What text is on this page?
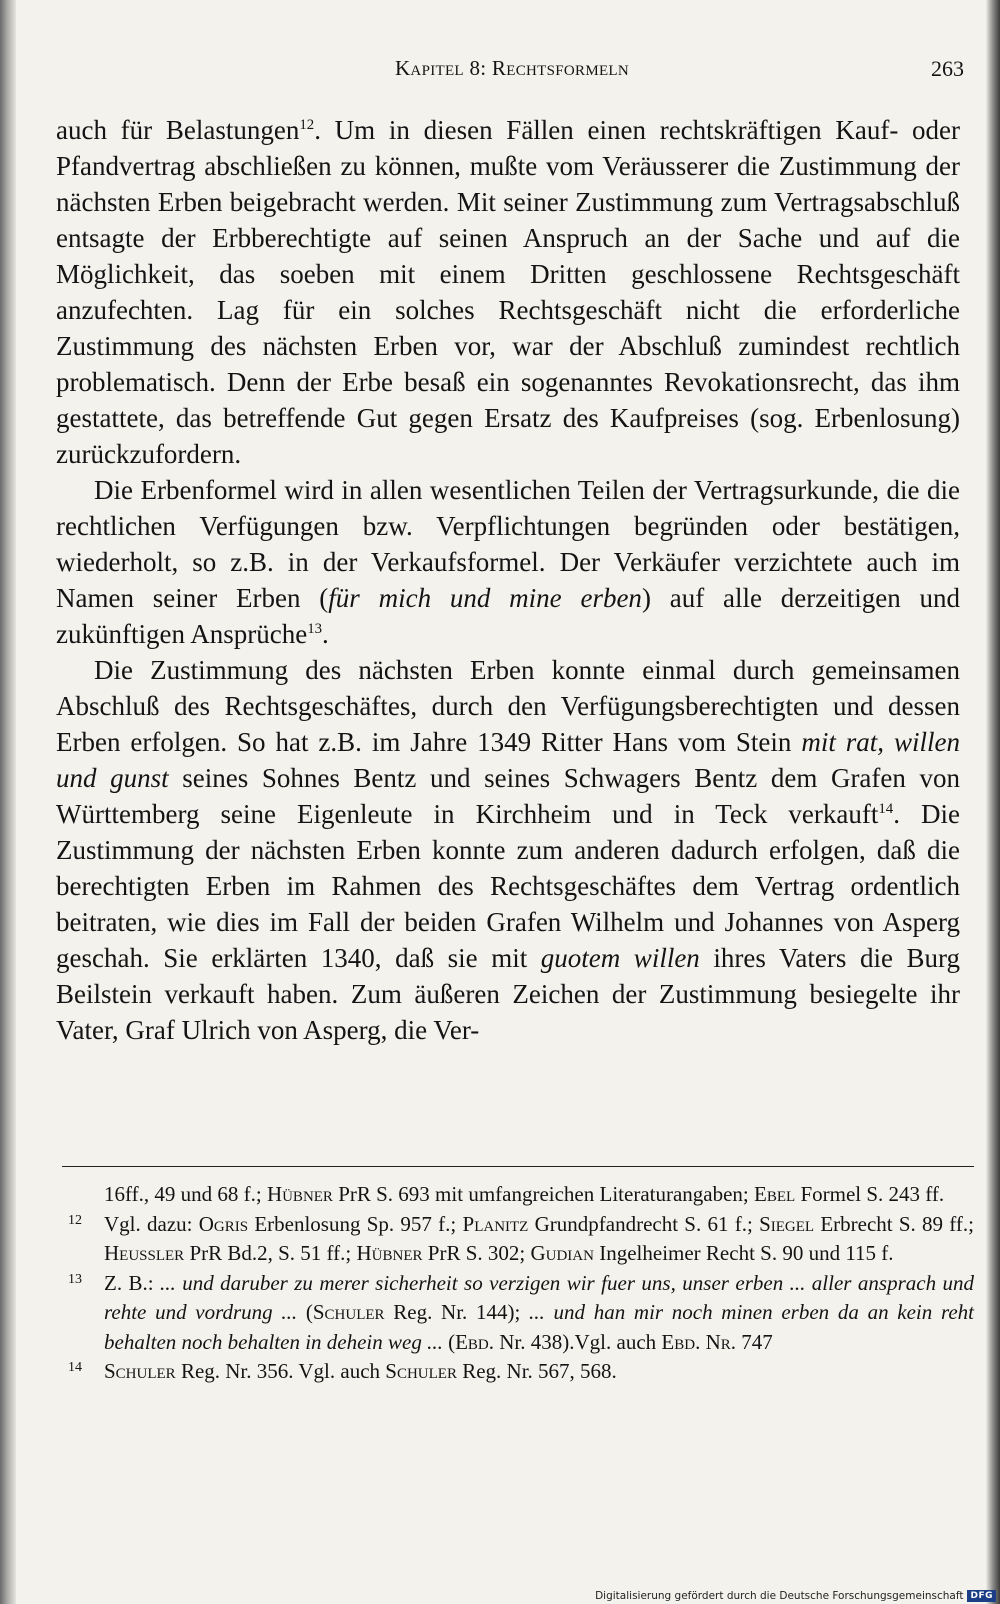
Kapitel 8: Rechtsformeln	263

auch für Belastungen$^{12}$. Um in diesen Fällen einen rechtskräftigen Kauf- oder Pfandvertrag abschließen zu können, mußte vom Veräusserer die Zustimmung der nächsten Erben beigebracht werden. Mit seiner Zustimmung zum Vertragsabschluß entsagte der Erbberechtigte auf seinen Anspruch an der Sache und auf die Möglichkeit, das soeben mit einem Dritten geschlossene Rechtsgeschäft anzufechten. Lag für ein solches Rechtsgeschäft nicht die erforderliche Zustimmung des nächsten Erben vor, war der Abschluß zumindest rechtlich problematisch. Denn der Erbe besaß ein sogenanntes Revokationsrecht, das ihm gestattete, das betreffende Gut gegen Ersatz des Kaufpreises (sog. Erbenlosung) zurückzufordern.

Die Erbenformel wird in allen wesentlichen Teilen der Vertragsurkunde, die die rechtlichen Verfügungen bzw. Verpflichtungen begründen oder bestätigen, wiederholt, so z.B. in der Verkaufsformel. Der Verkäufer verzichtete auch im Namen seiner Erben (für mich und mine erben) auf alle derzeitigen und zukünftigen Ansprüche$^{13}$.

Die Zustimmung des nächsten Erben konnte einmal durch gemeinsamen Abschluß des Rechtsgeschäftes, durch den Verfügungsberechtigten und dessen Erben erfolgen. So hat z.B. im Jahre 1349 Ritter Hans vom Stein mit rat, willen und gunst seines Sohnes Bentz und seines Schwagers Bentz dem Grafen von Württemberg seine Eigenleute in Kirchheim und in Teck verkauft$^{14}$. Die Zustimmung der nächsten Erben konnte zum anderen dadurch erfolgen, daß die berechtigten Erben im Rahmen des Rechtsgeschäftes dem Vertrag ordentlich beitraten, wie dies im Fall der beiden Grafen Wilhelm und Johannes von Asperg geschah. Sie erklärten 1340, daß sie mit guotem willen ihres Vaters die Burg Beilstein verkauft haben. Zum äußeren Zeichen der Zustimmung besiegelte ihr Vater, Graf Ulrich von Asperg, die Ver-

16ff., 49 und 68 f.; Hübner PrR S. 693 mit umfangreichen Literaturangaben; Ebel Formel S. 243 ff.

12 Vgl. dazu: Ogris Erbenlosung Sp. 957 f.; Planitz Grundpfandrecht S. 61 f.; Siegel Erbrecht S. 89 ff.; Heussler PrR Bd.2, S. 51 ff.; Hübner PrR S. 302; Gudian Ingelheimer Recht S. 90 und 115 f.

13 Z. B.: ... und daruber zu merer sicherheit so verzigen wir fuer uns, unser erben ... aller ansprach und rehte und vordrung ... (Schuler Reg. Nr. 144); ... und han mir noch minen erben da an kein reht behalten noch behalten in dehein weg ... (Ebd. Nr. 438).Vgl. auch Ebd. Nr. 747

14 Schuler Reg. Nr. 356. Vgl. auch Schuler Reg. Nr. 567, 568.

Digitalisierung gefördert durch die Deutsche Forschungsgemeinschaft DFG
